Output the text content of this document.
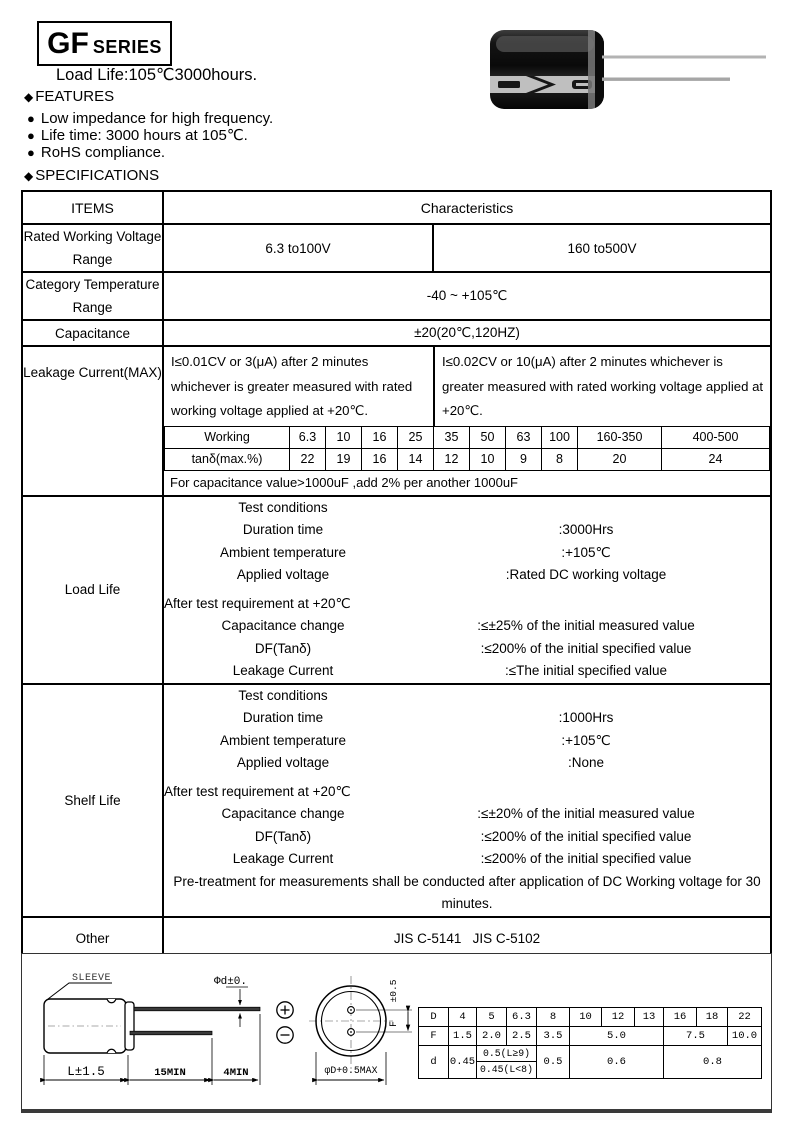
GF SERIES
Load Life:105℃3000hours.
◆ FEATURES
● Low impedance for high frequency.
● Life time: 3000 hours at 105℃.
● RoHS compliance.
◆ SPECIFICATIONS
ITEMS	Characteristics
Rated Working Voltage Range	6.3 to100V	160 to500V
Category Temperature Range	-40 ~ +105℃
Capacitance	±20(20℃,120HZ)
Leakage Current(MAX)	
I≤0.01CV or 3(μA) after 2 minutes whichever is greater measured with rated working voltage applied at +20℃.
I≤0.02CV or 10(μA) after 2 minutes whichever is greater measured with rated working voltage applied at +20℃.
Working	6.3	10	16	25	35	50	63	100	160-350	400-500
tanδ(max.%)	22	19	16	14	12	10	9	8	20	24
For capacitance value>1000uF ,add 2% per another 1000uF

Load Life	
Test conditions
Duration time	:3000Hrs
Ambient temperature	:+105℃
Applied voltage	:Rated DC working voltage
After test requirement at +20℃
Capacitance change	:≤±25% of the initial measured value
DF(Tanδ)	:≤200% of the initial specified value
Leakage Current	:≤The initial specified value

Shelf Life	
Test conditions
Duration time	:1000Hrs
Ambient temperature	:+105℃
Applied voltage	:None
After test requirement at +20℃
Capacitance change	:≤±20% of the initial measured value
DF(Tanδ)	:≤200% of the initial specified value
Leakage Current	:≤200% of the initial specified value
Pre-treatment for measurements shall be conducted after application of DC Working voltage for 30 minutes.

Other	JIS C-5141   JIS C-5102
SLEEVE	Φd±0.
L±1.5	15MIN	4MIN
F
±0.5
φD+0.5MAX
D	4	5	6.3	8	10	12	13	16	18	22
F	1.5	2.0	2.5	3.5	5.0			7.5		10.0
d	0.45	0.5(L≥9)		0.5	0.6			0.8		
		0.45(L<8)								
